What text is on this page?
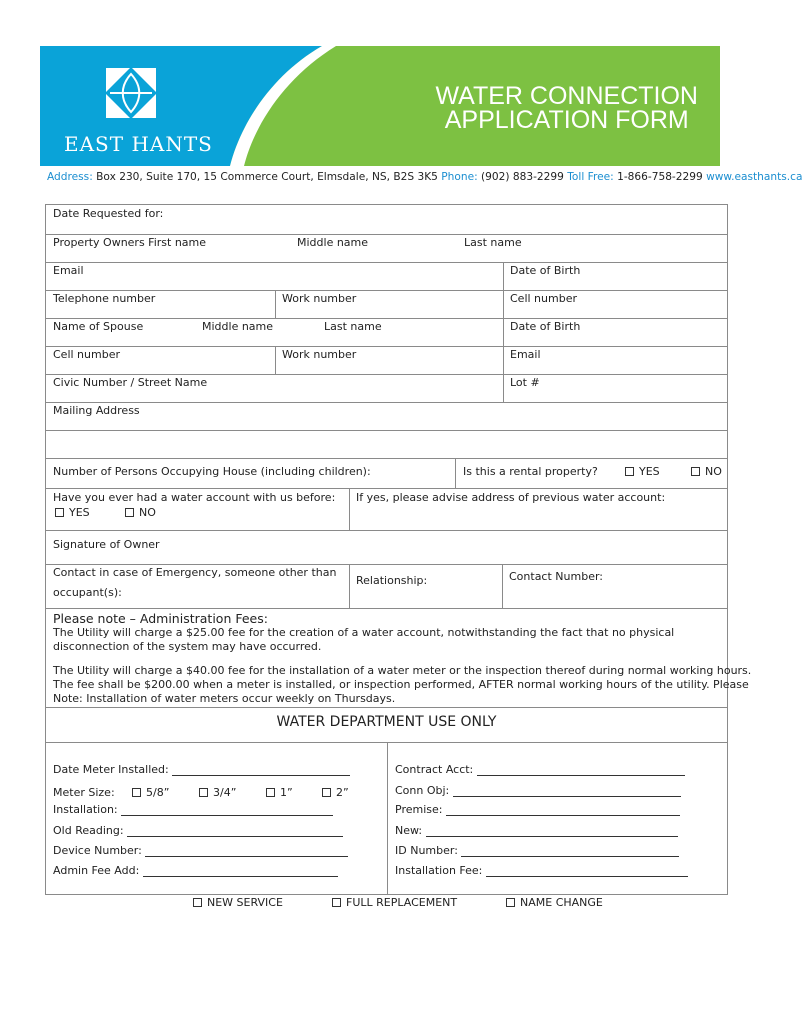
EAST HANTS
WATER CONNECTION
APPLICATION FORM
Address: Box 230, Suite 170, 15 Commerce Court, Elmsdale, NS, B2S 3K5 Phone: (902) 883-2299 Toll Free: 1-866-758-2299 www.easthants.ca
Date Requested for:
Property Owners First name	Middle name	Last name
Email	Date of Birth
Telephone number	Work number	Cell number
Name of Spouse	Middle name	Last name	Date of Birth
Cell number	Work number	Email
Civic Number / Street Name	Lot #
Mailing Address
Number of Persons Occupying House (including children):	Is this a rental property?	YES	NO
Have you ever had a water account with us before:
YES	NO
If yes, please advise address of previous water account:
Signature of Owner
Contact in case of Emergency, someone other than
occupant(s):
Relationship:	Contact Number:
Please note – Administration Fees:
The Utility will charge a $25.00 fee for the creation of a water account, notwithstanding the fact that no physical disconnection of the system may have occurred.
The Utility will charge a $40.00 fee for the installation of a water meter or the inspection thereof during normal working hours.
The fee shall be $200.00 when a meter is installed, or inspection performed, AFTER normal working hours of the utility. Please
Note: Installation of water meters occur weekly on Thursdays.
WATER DEPARTMENT USE ONLY
Date Meter Installed:
Meter Size:	5/8”	3/4”	1”	2”
Installation:
Old Reading:
Device Number:
Admin Fee Add:
Contract Acct:
Conn Obj:
Premise:
New:
ID Number:
Installation Fee:
NEW SERVICE	FULL REPLACEMENT	NAME CHANGE
